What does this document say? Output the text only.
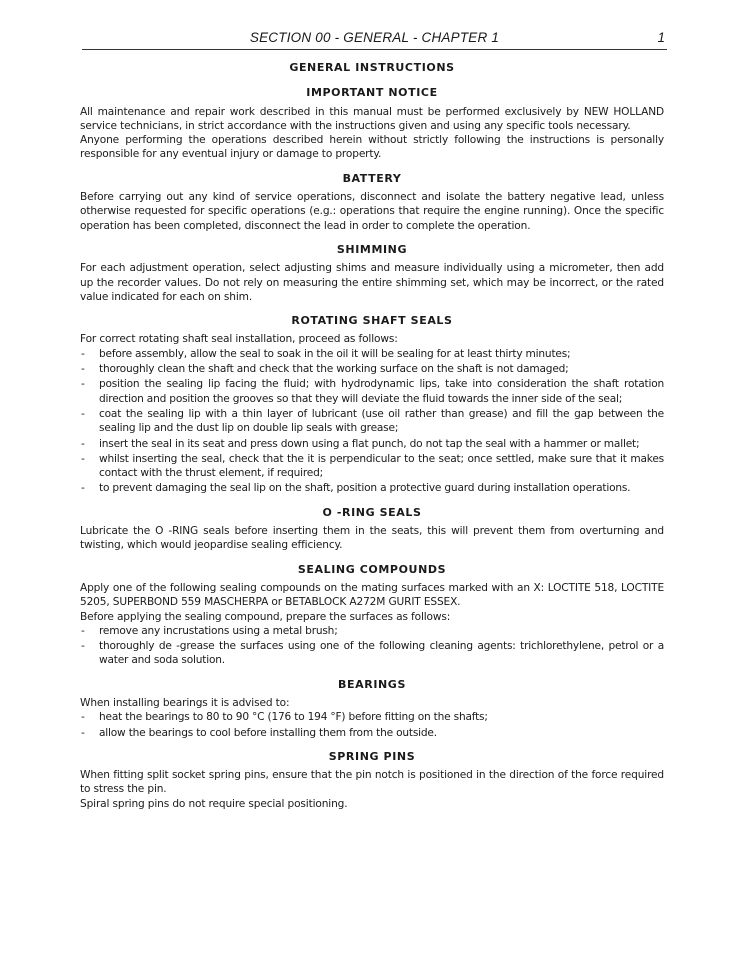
SECTION 00 - GENERAL - CHAPTER 1	1
GENERAL INSTRUCTIONS
IMPORTANT NOTICE

All maintenance and repair work described in this manual must be performed exclusively by NEW HOLLAND service technicians, in strict accordance with the instructions given and using any specific tools necessary.

Anyone performing the operations described herein without strictly following the instructions is personally responsible for any eventual injury or damage to property.

BATTERY

Before carrying out any kind of service operations, disconnect and isolate the battery negative lead, unless otherwise requested for specific operations (e.g.: operations that require the engine running). Once the specific operation has been completed, disconnect the lead in order to complete the operation.

SHIMMING

For each adjustment operation, select adjusting shims and measure individually using a micrometer, then add up the recorder values. Do not rely on measuring the entire shimming set, which may be incorrect, or the rated value indicated for each on shim.

ROTATING SHAFT SEALS

For correct rotating shaft seal installation, proceed as follows:

- before assembly, allow the seal to soak in the oil it will be sealing for at least thirty minutes;
- thoroughly clean the shaft and check that the working surface on the shaft is not damaged;
- position the sealing lip facing the fluid; with hydrodynamic lips, take into consideration the shaft rotation direction and position the grooves so that they will deviate the fluid towards the inner side of the seal;
- coat the sealing lip with a thin layer of lubricant (use oil rather than grease) and fill the gap between the sealing lip and the dust lip on double lip seals with grease;
- insert the seal in its seat and press down using a flat punch, do not tap the seal with a hammer or mallet;
- whilst inserting the seal, check that the it is perpendicular to the seat; once settled, make sure that it makes contact with the thrust element, if required;
- to prevent damaging the seal lip on the shaft, position a protective guard during installation operations.
O -RING SEALS

Lubricate the O -RING seals before inserting them in the seats, this will prevent them from overturning and twisting, which would jeopardise sealing efficiency.

SEALING COMPOUNDS

Apply one of the following sealing compounds on the mating surfaces marked with an X: LOCTITE 518, LOCTITE 5205, SUPERBOND 559 MASCHERPA or BETABLOCK A272M GURIT ESSEX.

Before applying the sealing compound, prepare the surfaces as follows:

- remove any incrustations using a metal brush;
- thoroughly de -grease the surfaces using one of the following cleaning agents: trichlorethylene, petrol or a water and soda solution.
BEARINGS

When installing bearings it is advised to:

- heat the bearings to 80 to 90 °C (176 to 194 °F) before fitting on the shafts;
- allow the bearings to cool before installing them from the outside.
SPRING PINS

When fitting split socket spring pins, ensure that the pin notch is positioned in the direction of the force required to stress the pin.

Spiral spring pins do not require special positioning.
